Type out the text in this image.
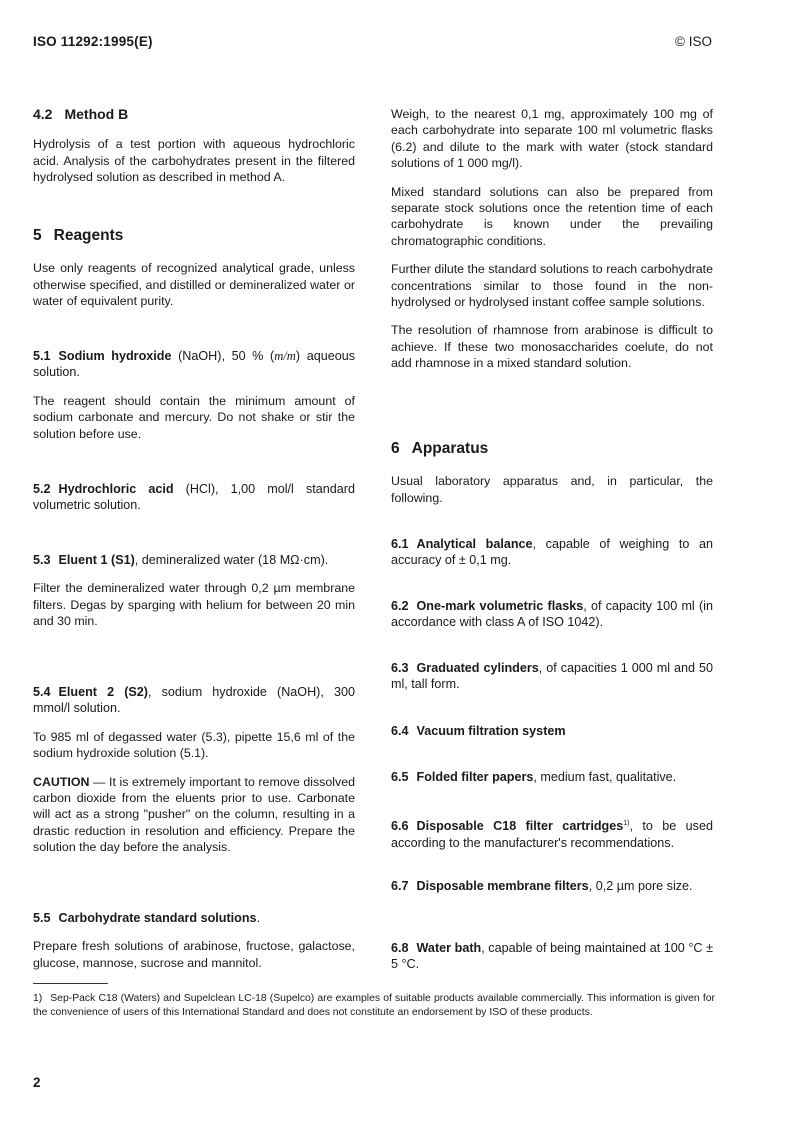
ISO 11292:1995(E)	© ISO
4.2 Method B

Hydrolysis of a test portion with aqueous hydrochloric acid. Analysis of the carbohydrates present in the filtered hydrolysed solution as described in method A.

5 Reagents

Use only reagents of recognized analytical grade, unless otherwise specified, and distilled or demineralized water or water of equivalent purity.

5.1 Sodium hydroxide (NaOH), 50 % (m/m) aqueous solution.

The reagent should contain the minimum amount of sodium carbonate and mercury. Do not shake or stir the solution before use.

5.2 Hydrochloric acid (HCl), 1,00 mol/l standard volumetric solution.
5.3 Eluent 1 (S1), demineralized water (18 MΩ·cm).

Filter the demineralized water through 0,2 µm membrane filters. Degas by sparging with helium for between 20 min and 30 min.

5.4 Eluent 2 (S2), sodium hydroxide (NaOH), 300 mmol/l solution.

To 985 ml of degassed water (5.3), pipette 15,6 ml of the sodium hydroxide solution (5.1).

CAUTION — It is extremely important to remove dissolved carbon dioxide from the eluents prior to use. Carbonate will act as a strong "pusher" on the column, resulting in a drastic reduction in resolution and efficiency. Prepare the solution the day before the analysis.

5.5 Carbohydrate standard solutions.

Prepare fresh solutions of arabinose, fructose, galactose, glucose, mannose, sucrose and mannitol.

Weigh, to the nearest 0,1 mg, approximately 100 mg of each carbohydrate into separate 100 ml volumetric flasks (6.2) and dilute to the mark with water (stock standard solutions of 1 000 mg/l).

Mixed standard solutions can also be prepared from separate stock solutions once the retention time of each carbohydrate is known under the prevailing chromatographic conditions.

Further dilute the standard solutions to reach carbohydrate concentrations similar to those found in the non-hydrolysed or hydrolysed instant coffee sample solutions.

The resolution of rhamnose from arabinose is difficult to achieve. If these two monosaccharides coelute, do not add rhamnose in a mixed standard solution.

6 Apparatus

Usual laboratory apparatus and, in particular, the following.

6.1 Analytical balance, capable of weighing to an accuracy of ± 0,1 mg.
6.2 One-mark volumetric flasks, of capacity 100 ml (in accordance with class A of ISO 1042).
6.3 Graduated cylinders, of capacities 1 000 ml and 50 ml, tall form.
6.4 Vacuum filtration system
6.5 Folded filter papers, medium fast, qualitative.
6.6 Disposable C18 filter cartridges$^{1)}$, to be used according to the manufacturer's recommendations.
6.7 Disposable membrane filters, 0,2 µm pore size.
6.8 Water bath, capable of being maintained at 100 °C ± 5 °C.
1) Sep-Pack C18 (Waters) and Supelclean LC-18 (Supelco) are examples of suitable products available commercially. This information is given for the convenience of users of this International Standard and does not constitute an endorsement by ISO of these products.
2
